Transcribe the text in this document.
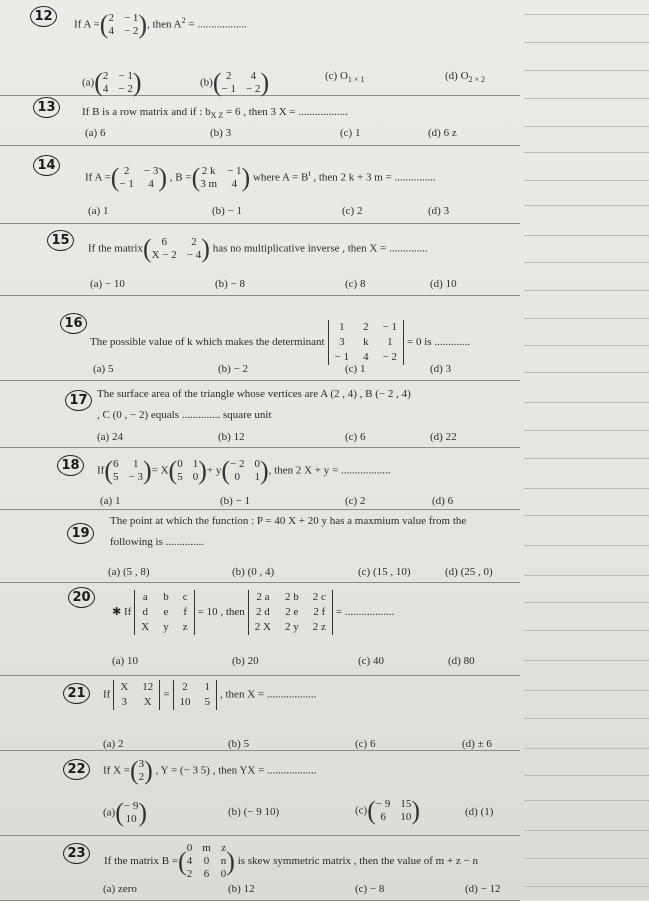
12
If A = ( 2 − 1
4 − 2 ) , then $A^2$ = ..................
(a) ( 2 − 1
4 − 2 )	(b) ( 2	4
− 1 − 2 )	(c) $O_{1 \times 1}$	(d) $O_{2 \times 2}$
13	If B is a row matrix and if : $b_{X Z} = 6$ , then 3 X = ..................
(a) 6	(b) 3	(c) 1	(d) 6 z
14
If A = ( 2	− 3
− 1	4 ) , B = ( 2 k − 1
3 m	4 ) where $A = B^t$ , then 2 k + 3 m = ...............
(a) 1	(b) − 1	(c) 2	(d) 3
15
If the matrix ( 6	2
X − 2 − 4 ) has no multiplicative inverse , then X = ..............
(a) − 10	(b) − 8	(c) 8	(d) 10
16
The possible value of k which makes the determinant
1	2 − 1
3	k	1
− 1 4 − 2
= 0 is .............
(a) 5	(b) − 2	(c) 1	(d) 3
17 The surface area of the triangle whose vertices are A (2 , 4) , B (− 2 , 4)
, C (0 , − 2) equals .............. square unit
(a) 24	(b) 12	(c) 6	(d) 22
18	If ( 6	1
5 − 3 ) = X ( 0 1
5 0 ) + y ( − 2 0
0	1 ) , then 2 X + y = ..................
(a) 1	(b) − 1	(c) 2	(d) 6
19
The point at which the function : P = 40 X + 20 y has a maxmium value from the
following is ..............
(a) (5 , 8)	(b) (0 , 4)	(c) (15 , 10)	(d) (25 , 0)
20
✱ If
a b c
d e f
X y z
= 10 , then
2 a 2 b 2 c
2 d 2 e 2 f
2 X 2 y 2 z
= ..................
(a) 10	(b) 20	(c) 40	(d) 80
21	If
X 12
3 X
=
2 1
10 5
, then X = ..................
(a) 2	(b) 5	(c) 6	(d) ± 6
22	If X = ( 3
2 ) , Y = (− 3 5) , then YX = ..................
(a) ( − 9
10 )	(b) (− 9 10)	(c) ( − 9 15
6	10 )	(d) (1)
23
If the matrix B = ( 0 m z
4 0 n
2 6 0 ) is skew symmetric matrix , then the value of m + z − n
(a) zero	(b) 12	(c) − 8	(d) − 12
